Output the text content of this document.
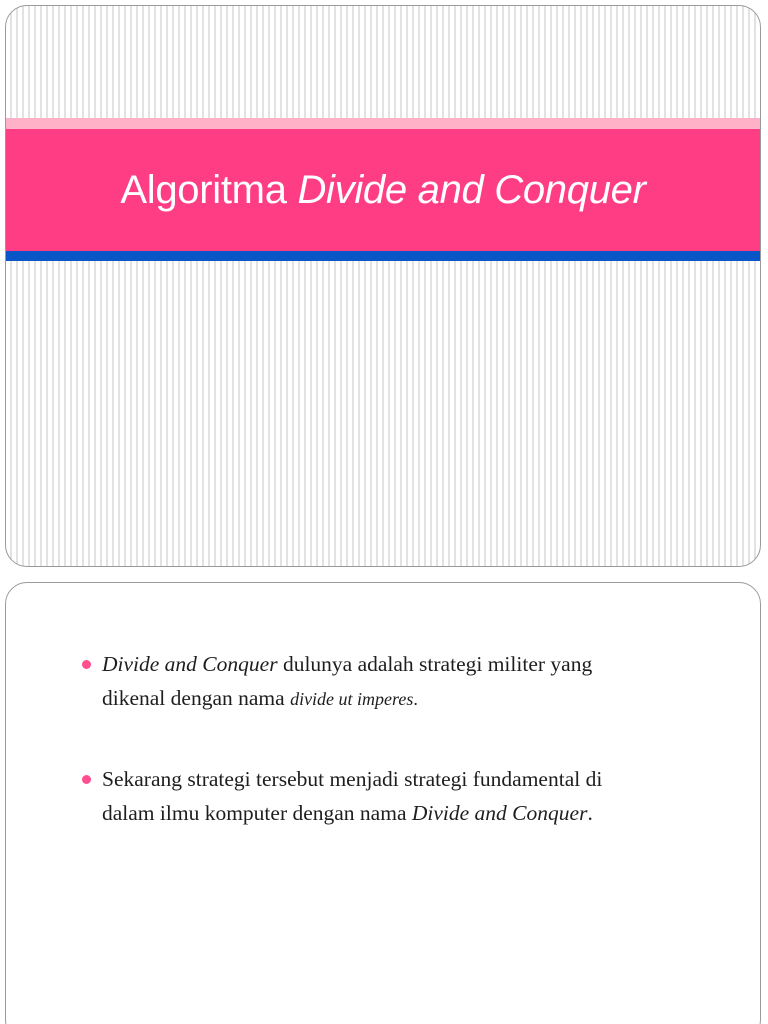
Algoritma Divide and Conquer
Divide and Conquer dulunya adalah strategi militer yang
dikenal dengan nama divide ut imperes.
Sekarang strategi tersebut menjadi strategi fundamental di
dalam ilmu komputer dengan nama Divide and Conquer.
